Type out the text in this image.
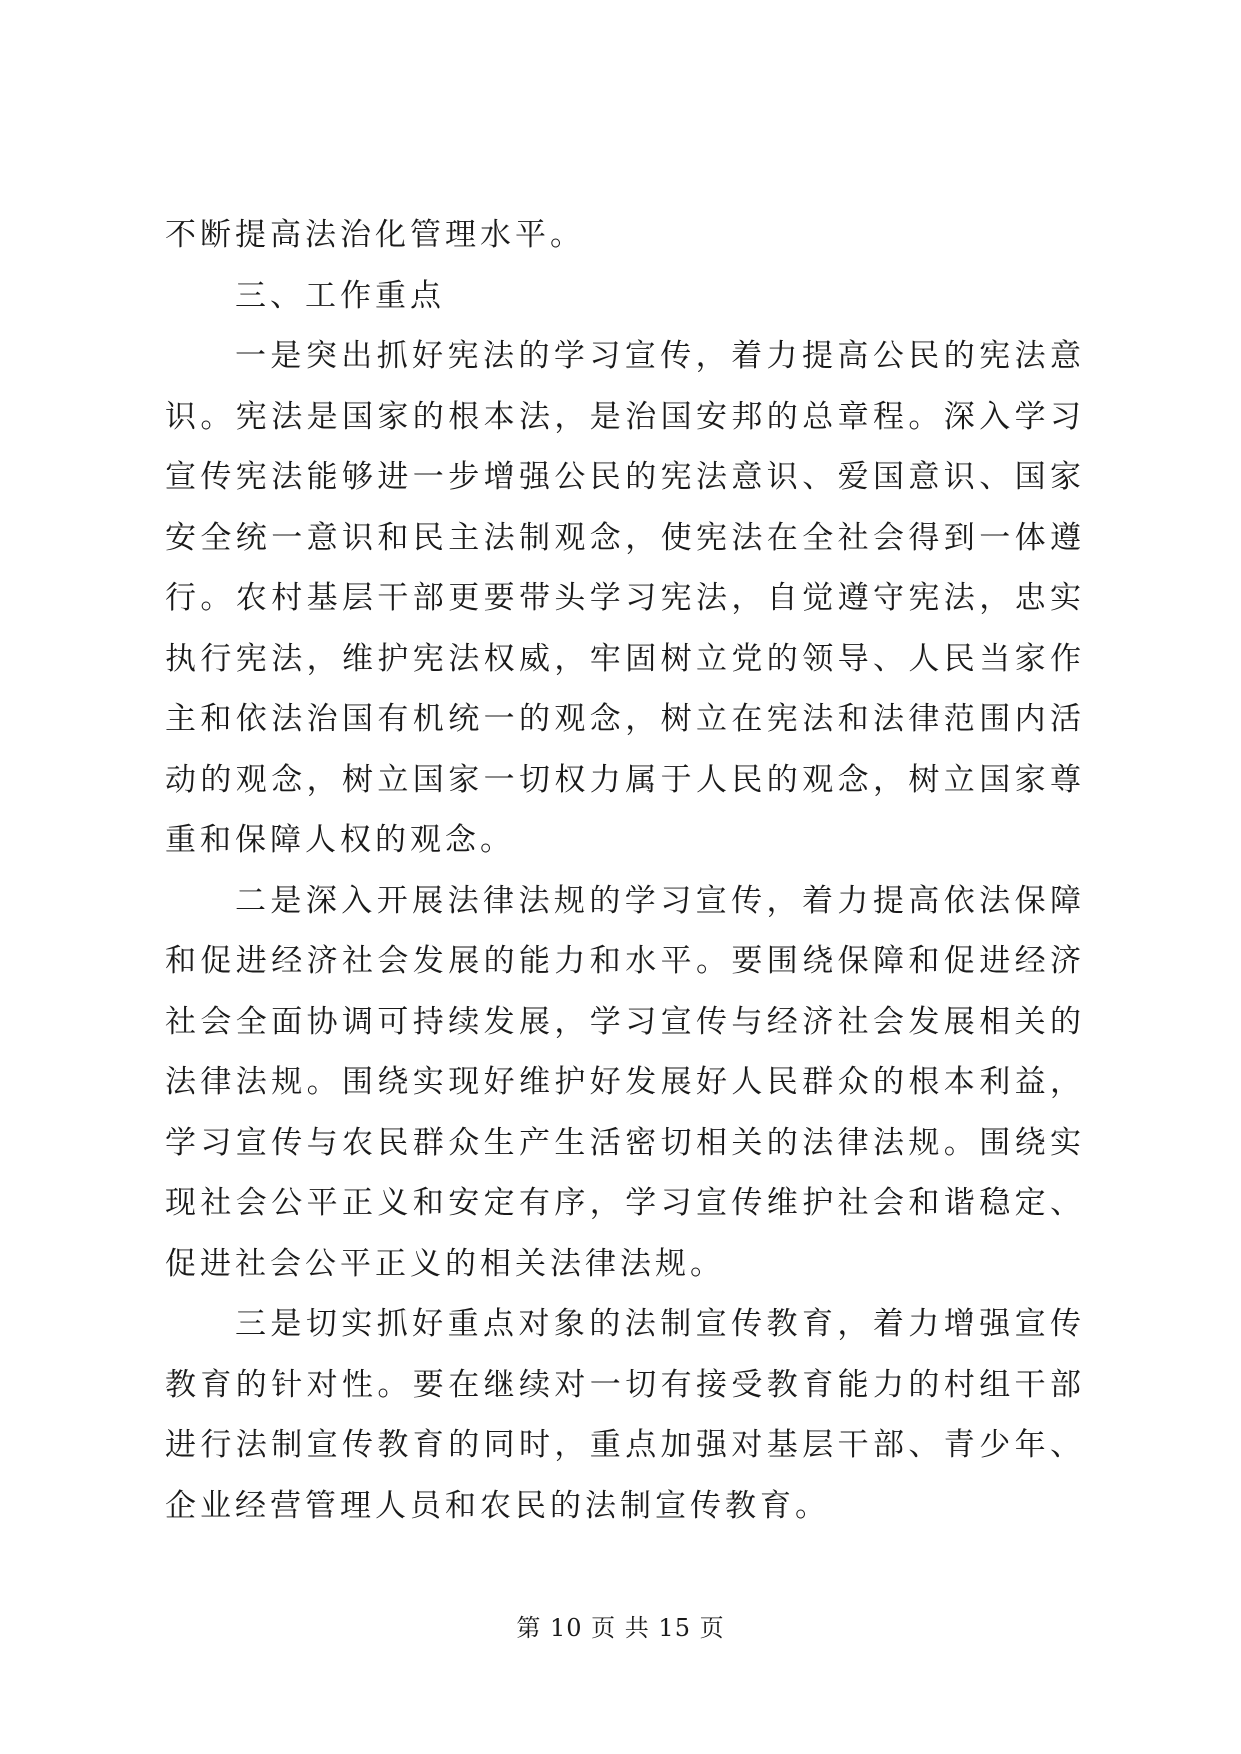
不断提高法治化管理水平。

三、工作重点

一是突出抓好宪法的学习宣传，着力提高公民的宪法意识。宪法是国家的根本法，是治国安邦的总章程。深入学习宣传宪法能够进一步增强公民的宪法意识、爱国意识、国家安全统一意识和民主法制观念，使宪法在全社会得到一体遵行。农村基层干部更要带头学习宪法，自觉遵守宪法，忠实执行宪法，维护宪法权威，牢固树立党的领导、人民当家作主和依法治国有机统一的观念，树立在宪法和法律范围内活动的观念，树立国家一切权力属于人民的观念，树立国家尊重和保障人权的观念。

二是深入开展法律法规的学习宣传，着力提高依法保障和促进经济社会发展的能力和水平。要围绕保障和促进经济社会全面协调可持续发展，学习宣传与经济社会发展相关的法律法规。围绕实现好维护好发展好人民群众的根本利益，学习宣传与农民群众生产生活密切相关的法律法规。围绕实现社会公平正义和安定有序，学习宣传维护社会和谐稳定、促进社会公平正义的相关法律法规。

三是切实抓好重点对象的法制宣传教育，着力增强宣传教育的针对性。要在继续对一切有接受教育能力的村组干部进行法制宣传教育的同时，重点加强对基层干部、青少年、企业经营管理人员和农民的法制宣传教育。

第 10 页 共 15 页
